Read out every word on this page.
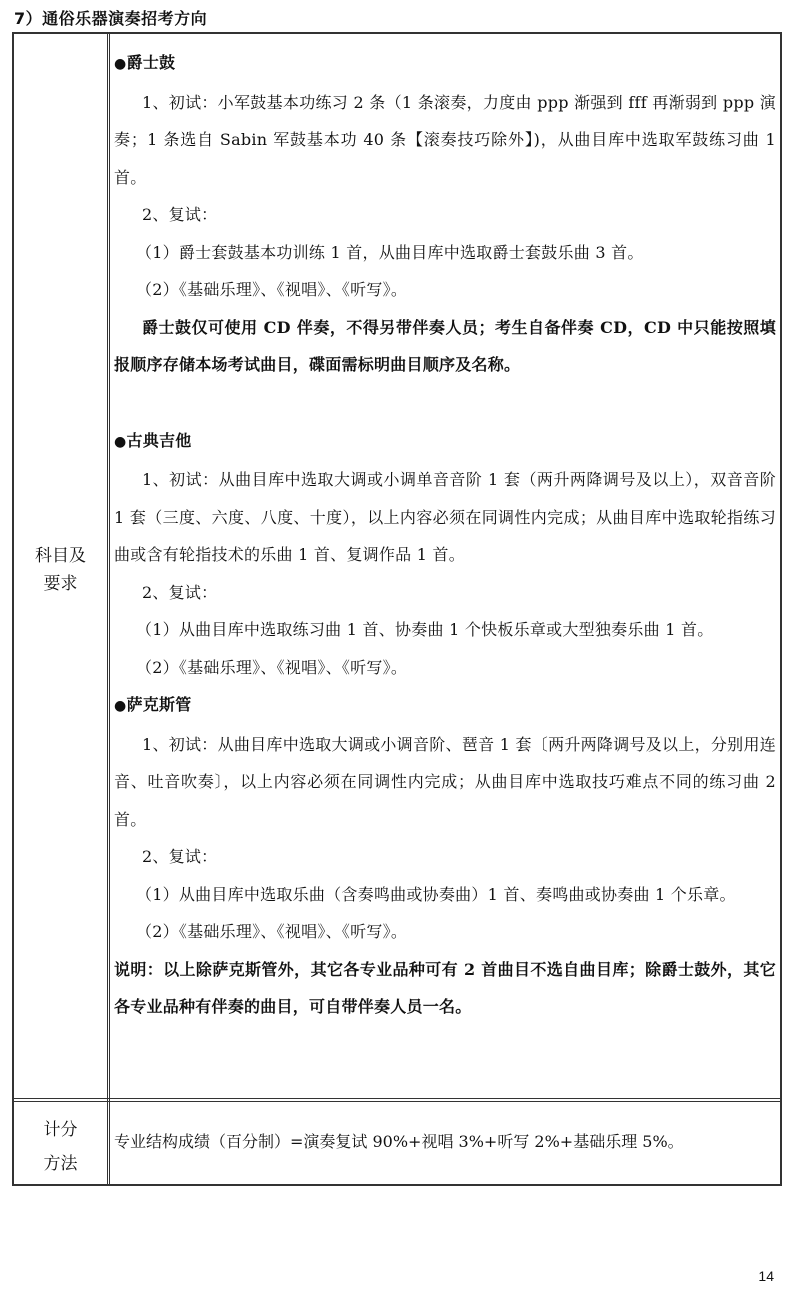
7）通俗乐器演奏招考方向
科目及
要求
计分
方法

●爵士鼓

1、初试：小军鼓基本功练习 2 条（1 条滚奏，力度由 ppp 渐强到 fff 再渐弱到 ppp 演奏；1 条选自 Sabin 军鼓基本功 40 条【滚奏技巧除外】)，从曲目库中选取军鼓练习曲 1 首。

2、复试：

（1）爵士套鼓基本功训练 1 首，从曲目库中选取爵士套鼓乐曲 3 首。

（2）《基础乐理》、《视唱》、《听写》。

爵士鼓仅可使用 CD 伴奏，不得另带伴奏人员；考生自备伴奏 CD，CD 中只能按照填报顺序存储本场考试曲目，碟面需标明曲目顺序及名称。

●古典吉他

1、初试：从曲目库中选取大调或小调单音音阶 1 套（两升两降调号及以上），双音音阶 1 套（三度、六度、八度、十度），以上内容必须在同调性内完成；从曲目库中选取轮指练习曲或含有轮指技术的乐曲 1 首、复调作品 1 首。

2、复试：

（1）从曲目库中选取练习曲 1 首、协奏曲 1 个快板乐章或大型独奏乐曲 1 首。

（2）《基础乐理》、《视唱》、《听写》。

●萨克斯管

1、初试：从曲目库中选取大调或小调音阶、琶音 1 套〔两升两降调号及以上，分别用连音、吐音吹奏〕，以上内容必须在同调性内完成；从曲目库中选取技巧难点不同的练习曲 2 首。

2、复试：

（1）从曲目库中选取乐曲（含奏鸣曲或协奏曲）1 首、奏鸣曲或协奏曲 1 个乐章。

（2）《基础乐理》、《视唱》、《听写》。

说明：以上除萨克斯管外，其它各专业品种可有 2 首曲目不选自曲目库；除爵士鼓外，其它各专业品种有伴奏的曲目，可自带伴奏人员一名。

专业结构成绩（百分制）=演奏复试 90%+视唱 3%+听写 2%+基础乐理 5%。
14
